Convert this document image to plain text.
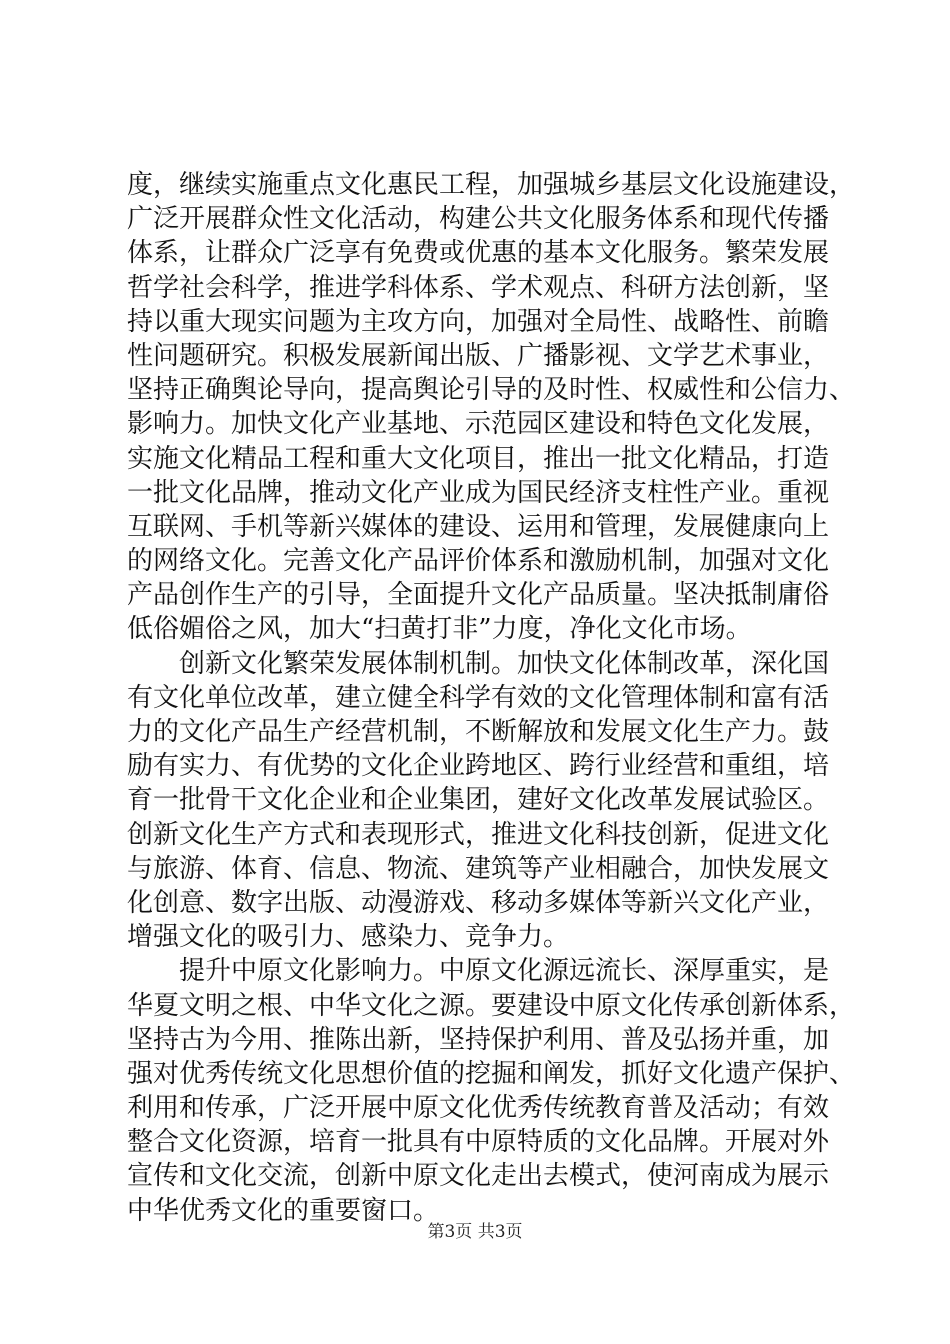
度，继续实施重点文化惠民工程，加强城乡基层文化设施建设，
广泛开展群众性文化活动，构建公共文化服务体系和现代传播
体系，让群众广泛享有免费或优惠的基本文化服务。繁荣发展
哲学社会科学，推进学科体系、学术观点、科研方法创新，坚
持以重大现实问题为主攻方向，加强对全局性、战略性、前瞻
性问题研究。积极发展新闻出版、广播影视、文学艺术事业，
坚持正确舆论导向，提高舆论引导的及时性、权威性和公信力、
影响力。加快文化产业基地、示范园区建设和特色文化发展，
实施文化精品工程和重大文化项目，推出一批文化精品，打造
一批文化品牌，推动文化产业成为国民经济支柱性产业。重视
互联网、手机等新兴媒体的建设、运用和管理，发展健康向上
的网络文化。完善文化产品评价体系和激励机制，加强对文化
产品创作生产的引导，全面提升文化产品质量。坚决抵制庸俗
低俗媚俗之风，加大“扫黄打非”力度，净化文化市场。
创新文化繁荣发展体制机制。加快文化体制改革，深化国
有文化单位改革，建立健全科学有效的文化管理体制和富有活
力的文化产品生产经营机制，不断解放和发展文化生产力。鼓
励有实力、有优势的文化企业跨地区、跨行业经营和重组，培
育一批骨干文化企业和企业集团，建好文化改革发展试验区。
创新文化生产方式和表现形式，推进文化科技创新，促进文化
与旅游、体育、信息、物流、建筑等产业相融合，加快发展文
化创意、数字出版、动漫游戏、移动多媒体等新兴文化产业，
增强文化的吸引力、感染力、竞争力。
提升中原文化影响力。中原文化源远流长、深厚重实，是
华夏文明之根、中华文化之源。要建设中原文化传承创新体系，
坚持古为今用、推陈出新，坚持保护利用、普及弘扬并重，加
强对优秀传统文化思想价值的挖掘和阐发，抓好文化遗产保护、
利用和传承，广泛开展中原文化优秀传统教育普及活动；有效
整合文化资源，培育一批具有中原特质的文化品牌。开展对外
宣传和文化交流，创新中原文化走出去模式，使河南成为展示
中华优秀文化的重要窗口。
第3页 共3页
